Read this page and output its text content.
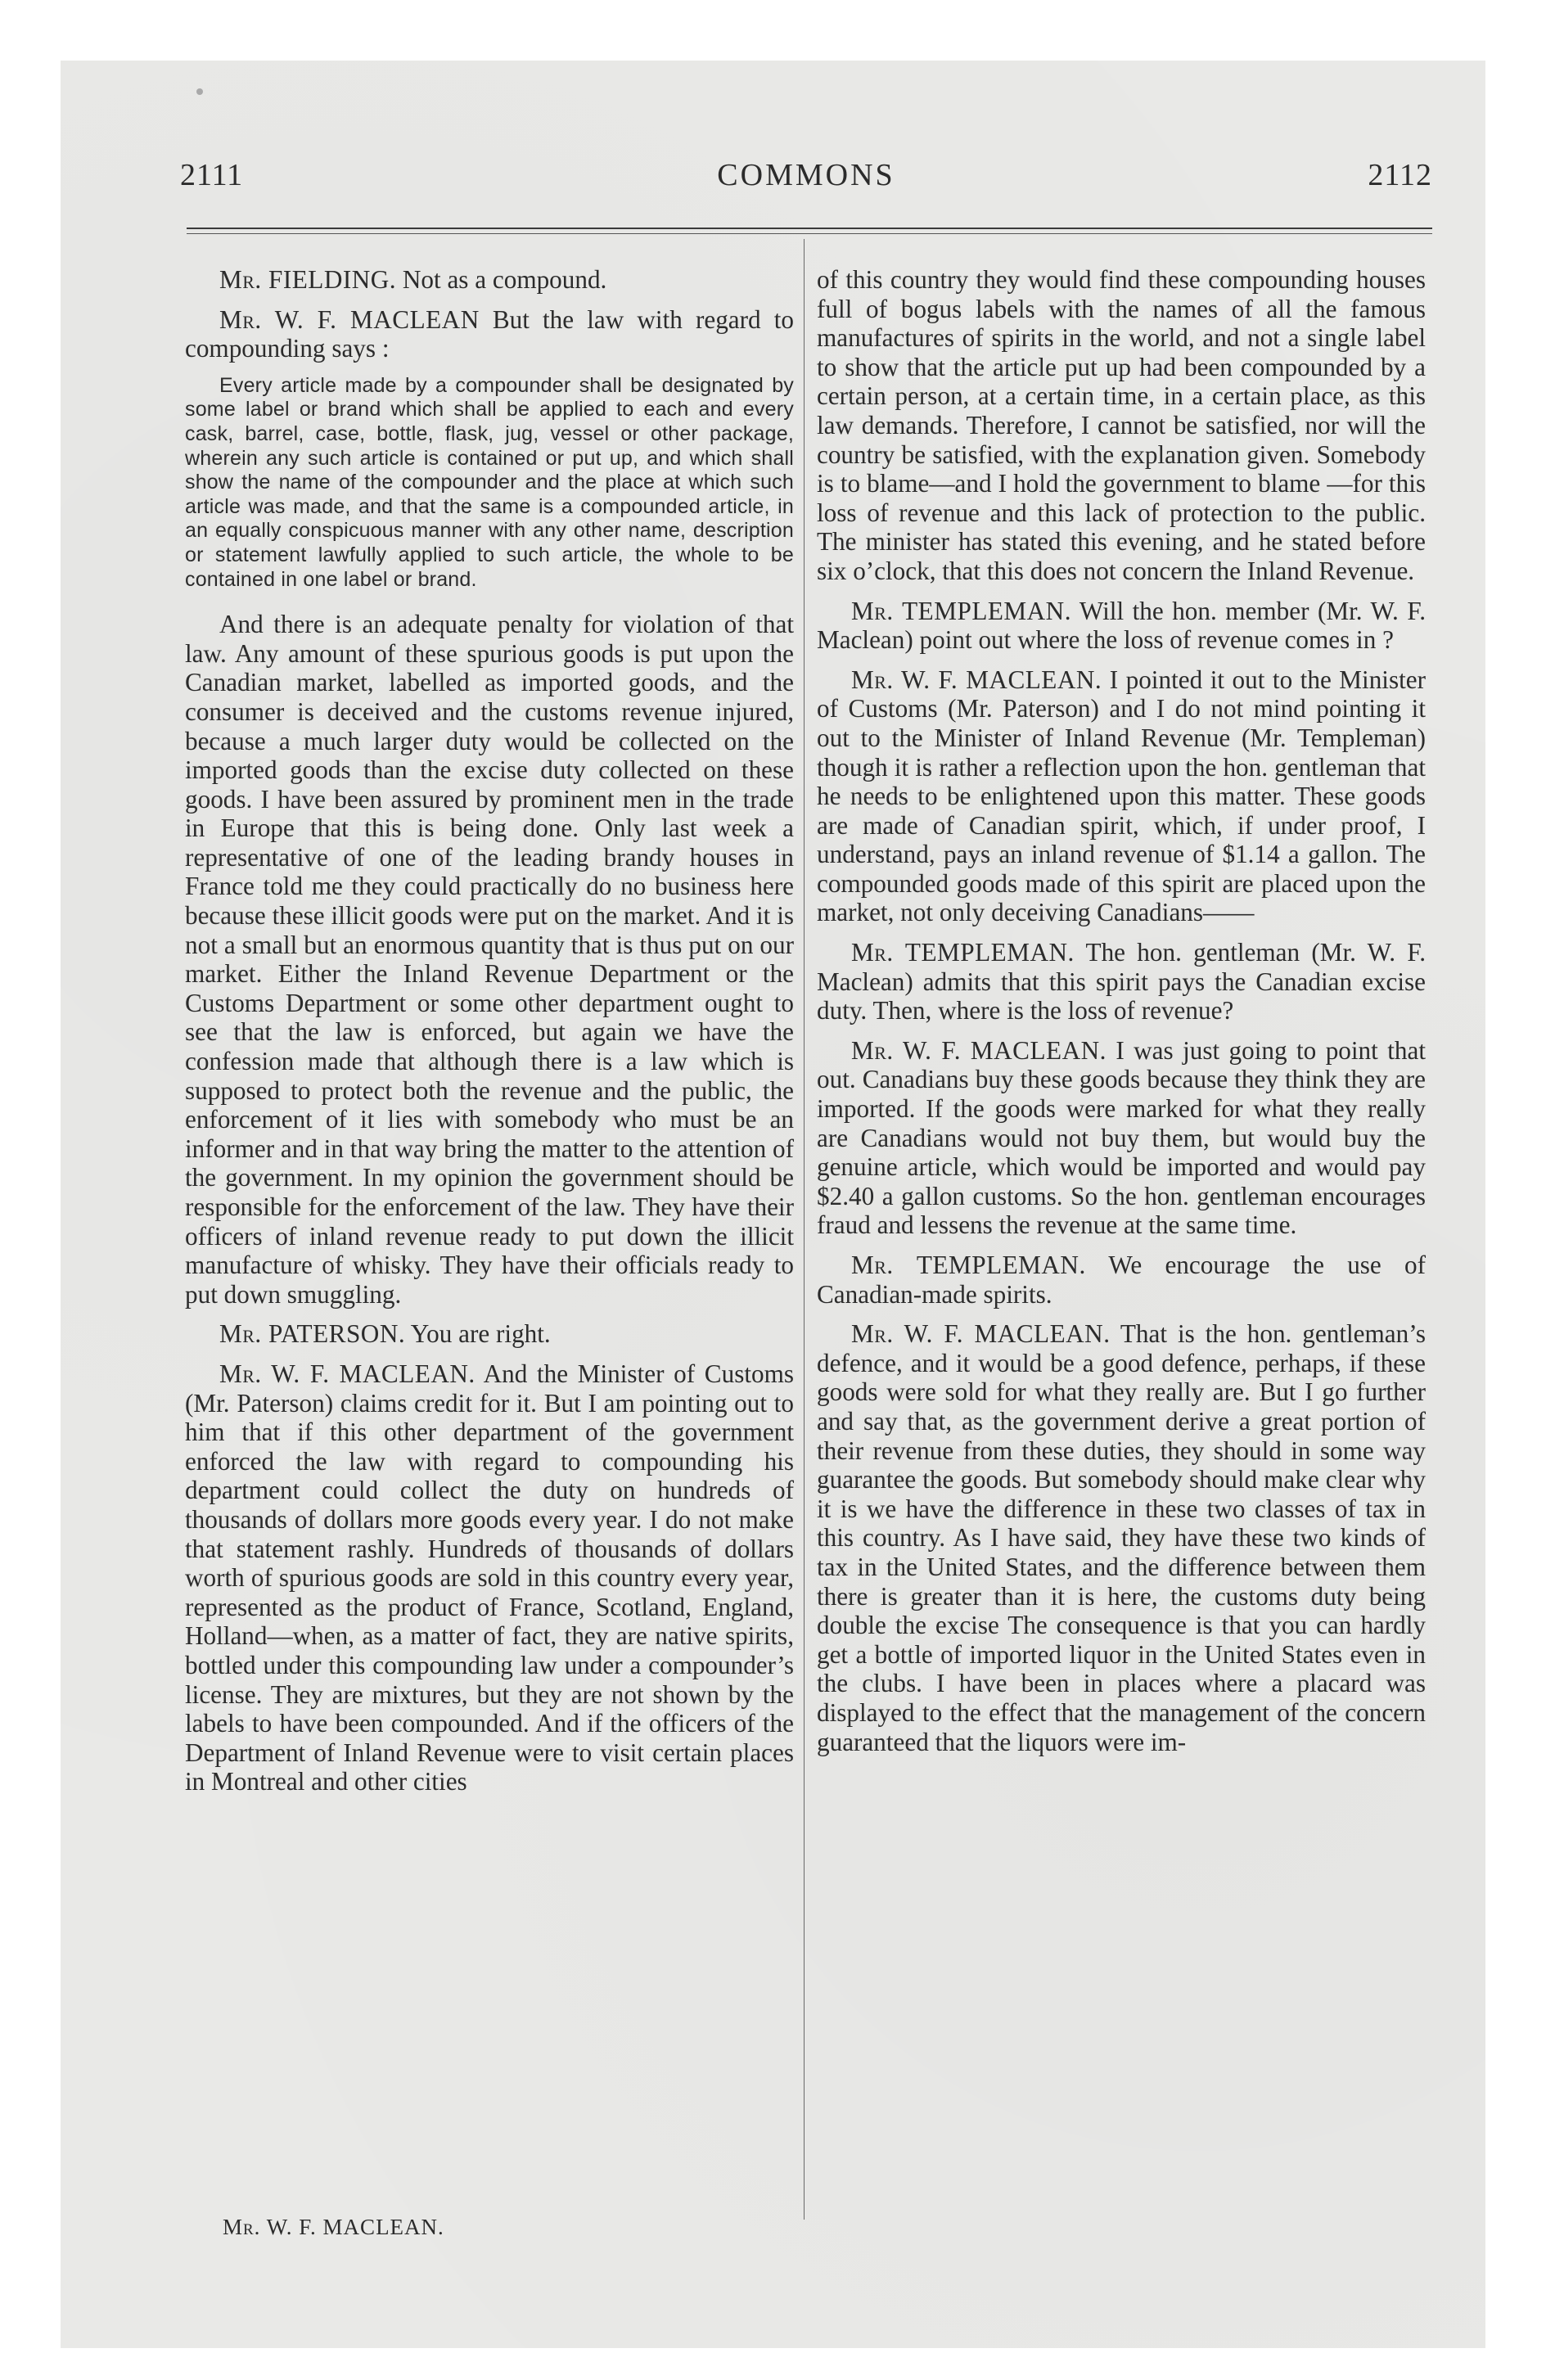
2111	COMMONS	2112

Mr. FIELDING. Not as a compound.

Mr. W. F. MACLEAN But the law with regard to compounding says :

Every article made by a compounder shall be designated by some label or brand which shall be applied to each and every cask, barrel, case, bottle, flask, jug, vessel or other package, wherein any such article is contained or put up, and which shall show the name of the compounder and the place at which such article was made, and that the same is a compounded article, in an equally conspicuous manner with any other name, description or statement lawfully applied to such article, the whole to be contained in one label or brand.

And there is an adequate penalty for violation of that law. Any amount of these spurious goods is put upon the Canadian market, labelled as imported goods, and the consumer is deceived and the customs revenue injured, because a much larger duty would be collected on the imported goods than the excise duty collected on these goods. I have been assured by prominent men in the trade in Europe that this is being done. Only last week a representative of one of the leading brandy houses in France told me they could practically do no business here because these illicit goods were put on the market. And it is not a small but an enormous quantity that is thus put on our market. Either the Inland Revenue Department or the Customs Department or some other department ought to see that the law is enforced, but again we have the confession made that although there is a law which is supposed to protect both the revenue and the public, the enforcement of it lies with somebody who must be an informer and in that way bring the matter to the attention of the government. In my opinion the government should be responsible for the enforcement of the law. They have their officers of inland revenue ready to put down the illicit manufacture of whisky. They have their officials ready to put down smuggling.

Mr. PATERSON. You are right.

Mr. W. F. MACLEAN. And the Minister of Customs (Mr. Paterson) claims credit for it. But I am pointing out to him that if this other department of the government enforced the law with regard to compounding his department could collect the duty on hundreds of thousands of dollars more goods every year. I do not make that statement rashly. Hundreds of thousands of dollars worth of spurious goods are sold in this country every year, represented as the product of France, Scotland, England, Holland—when, as a matter of fact, they are native spirits, bottled under this compounding law under a compounder’s license. They are mixtures, but they are not shown by the labels to have been compounded. And if the officers of the Department of Inland Revenue were to visit certain places in Montreal and other cities

of this country they would find these compounding houses full of bogus labels with the names of all the famous manufactures of spirits in the world, and not a single label to show that the article put up had been compounded by a certain person, at a certain time, in a certain place, as this law demands. Therefore, I cannot be satisfied, nor will the country be satisfied, with the explanation given. Somebody is to blame—and I hold the government to blame —for this loss of revenue and this lack of protection to the public. The minister has stated this evening, and he stated before six o’clock, that this does not concern the Inland Revenue.

Mr. TEMPLEMAN. Will the hon. member (Mr. W. F. Maclean) point out where the loss of revenue comes in ?

Mr. W. F. MACLEAN. I pointed it out to the Minister of Customs (Mr. Paterson) and I do not mind pointing it out to the Minister of Inland Revenue (Mr. Templeman) though it is rather a reflection upon the hon. gentleman that he needs to be enlightened upon this matter. These goods are made of Canadian spirit, which, if under proof, I understand, pays an inland revenue of $1.14 a gallon. The compounded goods made of this spirit are placed upon the market, not only deceiving Canadians——

Mr. TEMPLEMAN. The hon. gentleman (Mr. W. F. Maclean) admits that this spirit pays the Canadian excise duty. Then, where is the loss of revenue?

Mr. W. F. MACLEAN. I was just going to point that out. Canadians buy these goods because they think they are imported. If the goods were marked for what they really are Canadians would not buy them, but would buy the genuine article, which would be imported and would pay $2.40 a gallon customs. So the hon. gentleman encourages fraud and lessens the revenue at the same time.

Mr. TEMPLEMAN. We encourage the use of Canadian-made spirits.

Mr. W. F. MACLEAN. That is the hon. gentleman’s defence, and it would be a good defence, perhaps, if these goods were sold for what they really are. But I go further and say that, as the government derive a great portion of their revenue from these duties, they should in some way guarantee the goods. But somebody should make clear why it is we have the difference in these two classes of tax in this country. As I have said, they have these two kinds of tax in the United States, and the difference between them there is greater than it is here, the customs duty being double the excise The consequence is that you can hardly get a bottle of imported liquor in the United States even in the clubs. I have been in places where a placard was displayed to the effect that the management of the concern guaranteed that the liquors were im-

Mr. W. F. MACLEAN.
